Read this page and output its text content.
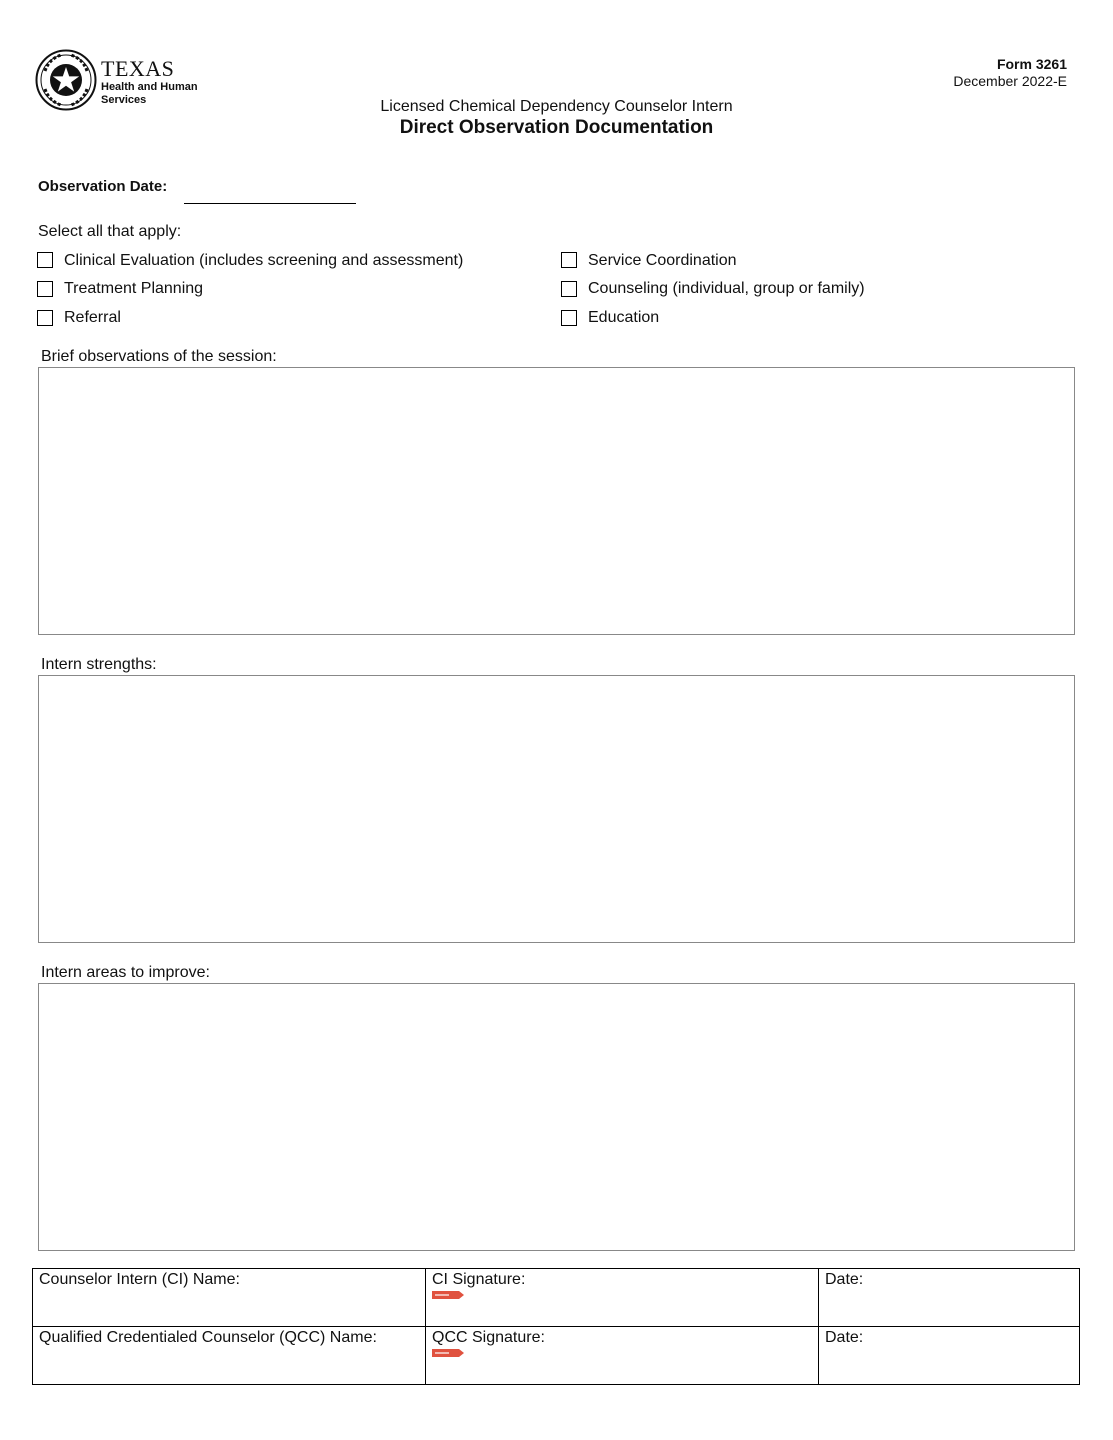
TEXAS
Health and Human
Services
Form 3261
December 2022-E
Licensed Chemical Dependency Counselor Intern
Direct Observation Documentation
Observation Date:
Select all that apply:
Clinical Evaluation (includes screening and assessment)
Treatment Planning
Referral
Service Coordination
Counseling (individual, group or family)
Education
Brief observations of the session:
Intern strengths:
Intern areas to improve:
Counselor Intern (CI) Name:	CI Signature:	Date:
Qualified Credentialed Counselor (QCC) Name:	QCC Signature:	Date:
